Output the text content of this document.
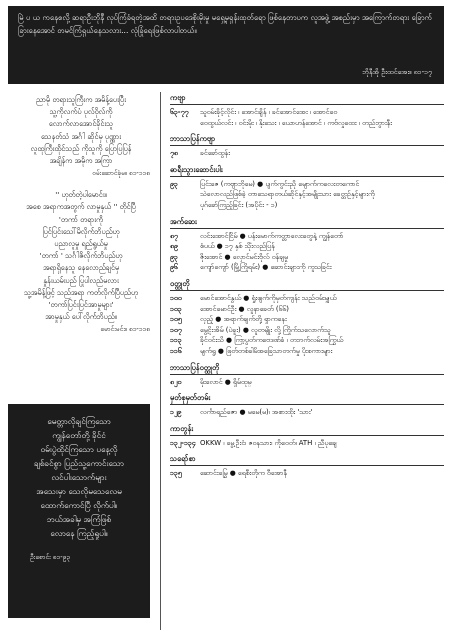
မြဲ ပ ယ ကနေစလို့ ဆရာဦးဘိုနီ လုပ်ကြံခံရတဲ့အထိ တရားဥပဒေစိုးမိုးမှု မရှေ့မှရှန်းထုတ်ရော ဖြစ်နေတာပက လူအ‌ဖွဲ့ အစည်းမှာ အကြောက်တရား ခြောက်ခြားနေအောင် တမင်ကြံရှယ်နေသလား... လုံခြုံရေးဖြစ်လာပါတယ်။
ဘိုနီအို ဦးထင်အေး။ ၈၁-၁၇
ညာမို တရားသူကြီးက အမိန့်ပေးပြီး
သူ့ကိုလက်ပံ ပုလ်ဝိုလ်ကို
လောက်လာအောင်ခိုင်းသူ
သေနတ်သံ အင်္ဂါ ဆိုင်မှ ပုဏ္ဏား
လူထုကြီးထိုင်သည် ကိုသူကို ပြောပြပြန်
အချိန်က အမိုက အကြာ
ဝမ်းဆောင်ခုံမ။ ၈၁-၁၁၈
'' ဟုတ်တဲ့ပါမောင်း။
အစေ အရာကအတွက် လာမှုနှယ် '' တိုင်ပြီ
'တကာ် တရားကို
ပြင်ပြင်းသေါ်မိလိုက်ဘိပည်ဟု
ပညာလူမှု ရည်ရွယ်မှု
'တကာ် ' သင်္ဂါဇိလိုက်ဘိပည်ဟု
အရာရှိနေသူ နေလောည်ချင်မှ
နှုန်းယမ်းပည် ပြုပါလည်မလား
သူ့အမိန့်ဖြင့် သည်အရာ ကတ်လိုက်ပြီပည်ဟု
'တကာ်ပြင်းပြင်အာမှုများ'
အာမှုနှယ် ပေါ်လိုက်ဘိပည်။
မောင်းမင်း။ ၈၁-၁၁၈
မေတ္တာလိုချင်ကြသော
ကျွန်တော်တို့ ခိုင်ငံ
ဝမ်းပွဲထိုင်ကြသော ပနေ့လို
ချစ်ခင်စွာ ပြည်သူ့ကောင်းသော
လင်ပါးသောက်များ
အသေးမှာ သေလိုမသေလေမ
ထောက်ကောင်ပြီ လိုက်ပါ။
ဘယ်အခါမှ အကြံဖြစ်
လောနေ ကြည့်ရှုပါ။
ဦးစောင်း ၈၁-၉၃
ကဗျာ
၆၃-၇၇	သူဝမ်းခိုင့်လိုင်း ၊ အောင်ချိန် ၊ ခင်အောင်အေး ၊ အောင်ဝေ
ဝေထွယ်လင်း ၊ ဝင်းမိုး ၊ နိုးသေး ၊ ယောဟန်အောင် ၊ ကဗ်လှုထေး ၊ တည်ဘွားနီး
ဘာသာပြန်ကဗျာ
၇၈	ခင်ခော်ထွန်း
ဓာ​ရီးသွားဆောင်းပါး
၉၃	ပြင်းဇေ (ကဗျာဘိုမေ) ● ပျက်ကွင်းညို မျောက်ကလေးတကောင်
သဲလောလည်ဖြစ်ခဲ့ တာသေရာတယ်ဆိုင်နှင့်အမျိုးသား ခေတ္တဉ်နှင့်များကို
ပုဂ်ခော်ကြည့်ခြင်း (အပိုင်း - ၁)
အက်ဆေး
၈၇	လင်းအောင်ငြိမ် ● ပန်းမောက်ကတ္တာလေးတွေနဲ့ ကျွန်တော်
၈၉	စံပယ် ● ၁၇ နှစ် သိုံးလည်ပြန်
၉၃	ဇိုးအောင် ● လှောင်မင်းဗိုလ် ဝန်ချမှု
၉၆	ကျော်ကျော် (မြို့ကြိုရမ်း) ● ဆောင်းချားကို ကူသ​ခြင်း
ဝတ္ထုတို
၁၀၀	မောင်အောင်နွယ် ● ရှုံးဖျက်ကိုမှတ်ကျန်း သည်ဝမ်းမျှယ်
၁၀၃	အောင်မောင်ဦး ● လူနာခေတ် (၆၆)
၁၀၅	လှည့် ● အရာက်ချက်တို့ ရှာကနေး
၁၀၇	မွေ့ငိုးအိမ် (ပဲခူး) ● လူတမျိုး လို့ ကြိုက်သလောက်သူ
၁၁၃	ခိုင်ဝင်းသိ ● ကြာ့ပွတ်ကဗေဒဏ်ခံ ၊ တဘက်လမ်းအကြွယ်
၁၁၆	မျက်ရွ ● ဖြတ်တစ်ခါမိအခြေသာတက်မှု ပိုးစကားများ
ဘာသာပြန်ဝတ္ထုတို
၈၂၀	မိုးလောင် ● ရှိမ်ထုမ္
မှတ်စုမှတ်တမ်း
၁၂၉	လင်္ကာရည်ဇော ● မမေ(မ)၊ အစားထိုး 'သား'
ကာတွန်း
၁၃၂-၁၃၄ OKKW ၊ မွေ့ဦးငံ၊ ဇဝနသား၊ ကိုဝေတ်၊ ATH ၊ ညီပုချေ
သရော်စာ
၁၃၅	ဆောင်းမြွေ ● ရေစီးတိုက ဝီအောနီ
